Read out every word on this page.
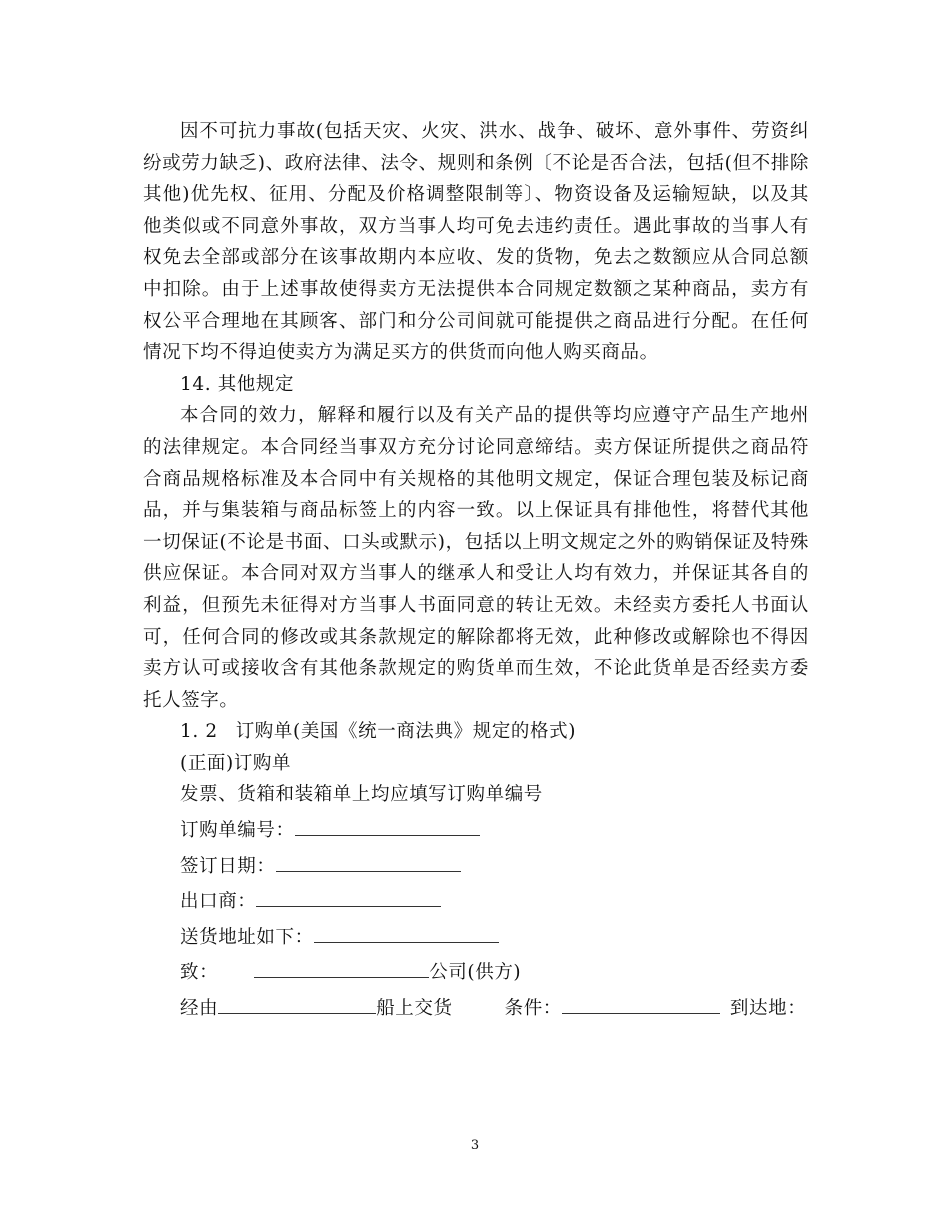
因不可抗力事故(包括天灾、火灾、洪水、战争、破坏、意外事件、劳资纠纷或劳力缺乏)、政府法律、法令、规则和条例〔不论是否合法，包括(但不排除其他)优先权、征用、分配及价格调整限制等〕、物资设备及运输短缺，以及其他类似或不同意外事故，双方当事人均可免去违约责任。遇此事故的当事人有权免去全部或部分在该事故期内本应收、发的货物，免去之数额应从合同总额中扣除。由于上述事故使得卖方无法提供本合同规定数额之某种商品，卖方有权公平合理地在其顾客、部门和分公司间就可能提供之商品进行分配。在任何情况下均不得迫使卖方为满足买方的供货而向他人购买商品。

14. 其他规定

本合同的效力，解释和履行以及有关产品的提供等均应遵守产品生产地州的法律规定。本合同经当事双方充分讨论同意缔结。卖方保证所提供之商品符合商品规格标准及本合同中有关规格的其他明文规定，保证合理包装及标记商品，并与集装箱与商品标签上的内容一致。以上保证具有排他性，将替代其他一切保证(不论是书面、口头或默示)，包括以上明文规定之外的购销保证及特殊供应保证。本合同对双方当事人的继承人和受让人均有效力，并保证其各自的利益，但预先未征得对方当事人书面同意的转让无效。未经卖方委托人书面认可，任何合同的修改或其条款规定的解除都将无效，此种修改或解除也不得因卖方认可或接收含有其他条款规定的购货单而生效，不论此货单是否经卖方委托人签字。

1. 2 订购单(美国《统一商法典》规定的格式)

(正面)订购单

发票、货箱和装箱单上均应填写订购单编号

订购单编号：

签订日期：

出口商：

送货地址如下：

致：	公司(供方)

经由	船上交货	条件：	到达地：

3
